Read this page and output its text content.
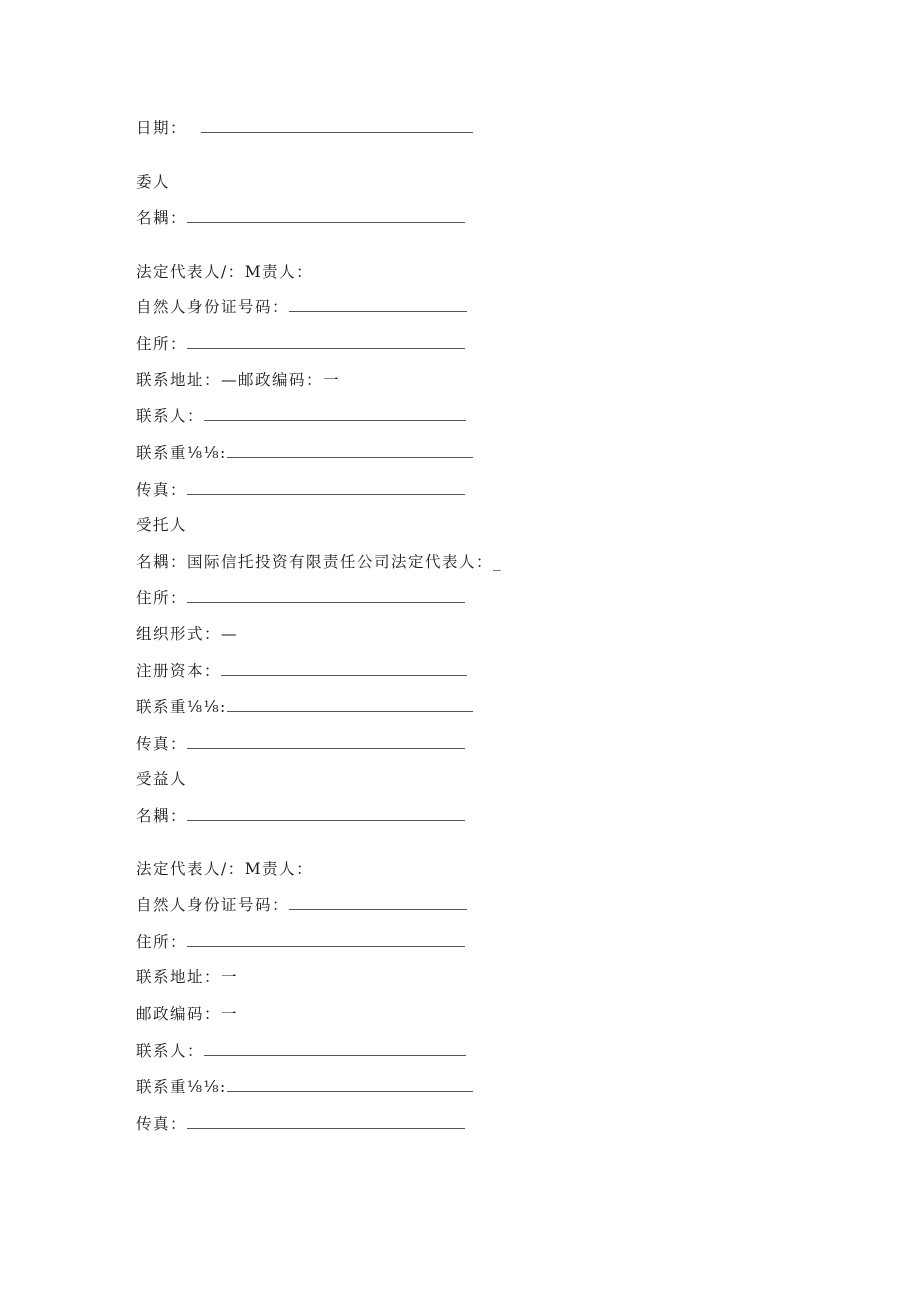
日期：
委人
名耦：
法定代表人/：M责人：
自然人身份证号码：
住所：
联系地址：—邮政编码：一
联系人：
联系重⅛⅛:
传真：
受托人
名耦：国际信托投资有限责任公司法定代表人：_
住所：
组织形式：—
注册资本：
联系重⅛⅛:
传真：
受益人
名耦：
法定代表人/：M责人：
自然人身份证号码：
住所：
联系地址：一
邮政编码：一
联系人：
联系重⅛⅛:
传真：
